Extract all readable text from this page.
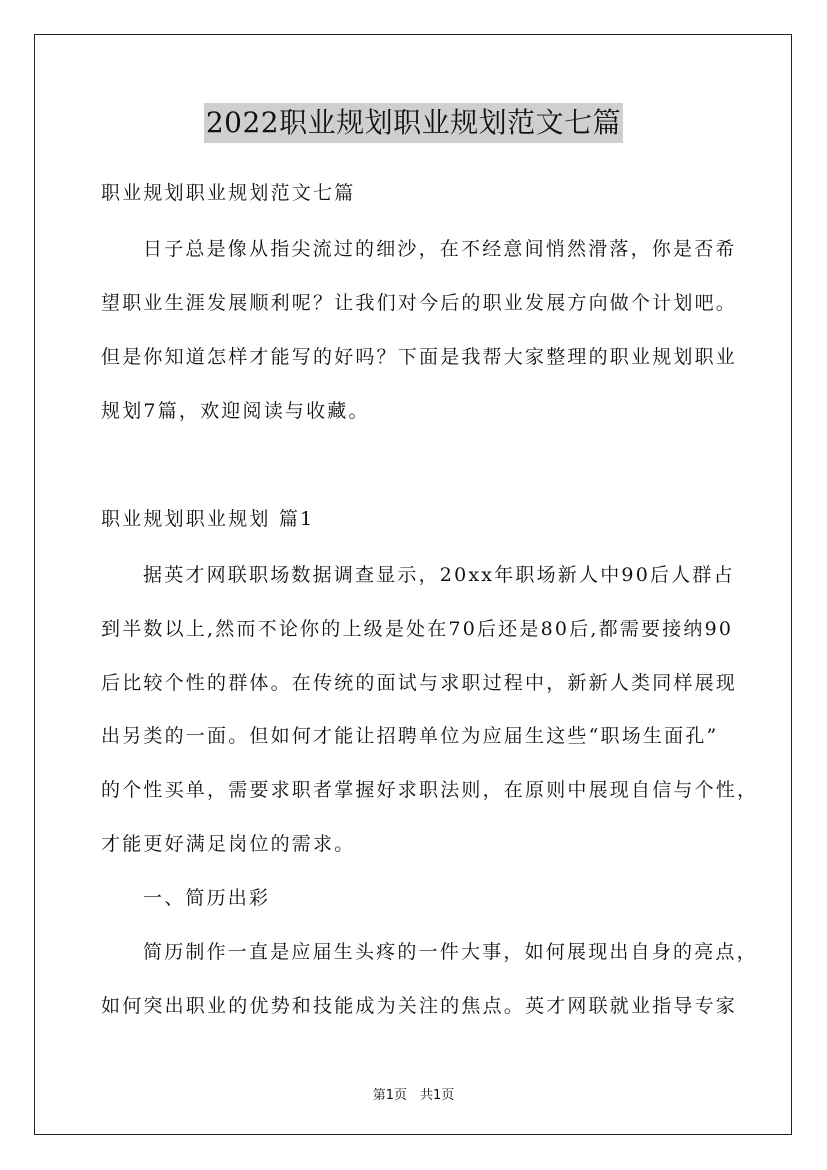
2022职业规划职业规划范文七篇
职业规划职业规划范文七篇
日子总是像从指尖流过的细沙，在不经意间悄然滑落，你是否希
望职业生涯发展顺利呢？让我们对今后的职业发展方向做个计划吧。
但是你知道怎样才能写的好吗？下面是我帮大家整理的职业规划职业
规划7篇，欢迎阅读与收藏。
职业规划职业规划 篇1
据英才网联职场数据调查显示，20xx年职场新人中90后人群占
到半数以上,然而不论你的上级是处在70后还是80后,都需要接纳90
后比较个性的群体。在传统的面试与求职过程中，新新人类同样展现
出另类的一面。但如何才能让招聘单位为应届生这些“职场生面孔”
的个性买单，需要求职者掌握好求职法则，在原则中展现自信与个性，
才能更好满足岗位的需求。
一、简历出彩
简历制作一直是应届生头疼的一件大事，如何展现出自身的亮点，
如何突出职业的优势和技能成为关注的焦点。英才网联就业指导专家
第1页　共1页
